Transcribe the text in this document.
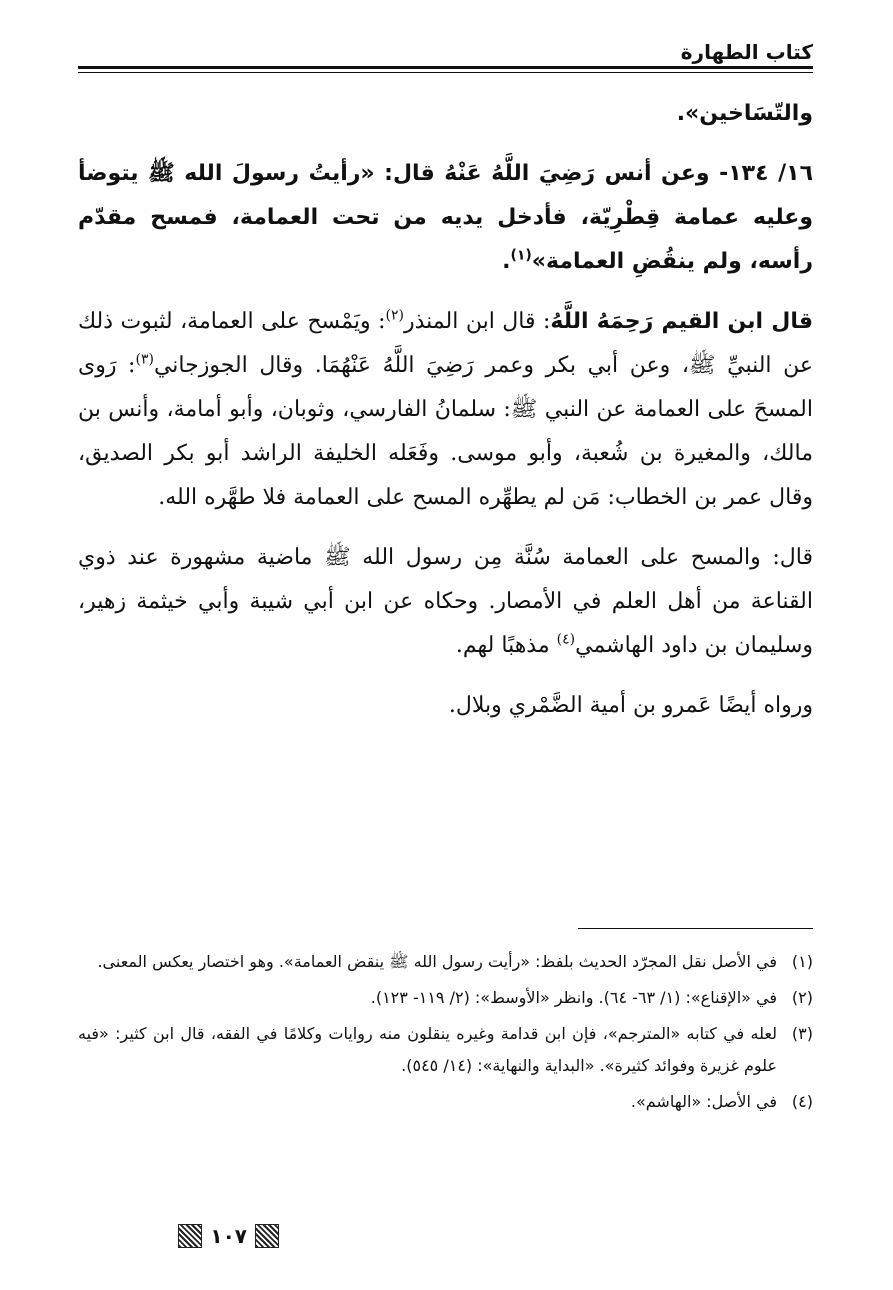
كتاب الطهارة

والتّسَاخين».

١٦/ ١٣٤- وعن أنس رَضِيَ اللَّهُ عَنْهُ قال: «رأيتُ رسولَ الله ﷺ يتوضأ وعليه عمامة قِطْرِيّة، فأدخل يديه من تحت العمامة، فمسح مقدّم رأسه، ولم ينقُضِ العمامة»$^{(١)}$.

قال ابن القيم رَحِمَهُ اللَّهُ: قال ابن المنذر$^{(٢)}$: ويَمْسح على العمامة، لثبوت ذلك عن النبيِّ ﷺ، وعن أبي بكر وعمر رَضِيَ اللَّهُ عَنْهُمَا. وقال الجوزجاني$^{(٣)}$: رَوى المسحَ على العمامة عن النبي ﷺ: سلمانُ الفارسي، وثوبان، وأبو أمامة، وأنس بن مالك، والمغيرة بن شُعبة، وأبو موسى. وفَعَله الخليفة الراشد أبو بكر الصديق، وقال عمر بن الخطاب: مَن لم يطهِّره المسح على العمامة فلا طهَّره الله.

قال: والمسح على العمامة سُنَّة مِن رسول الله ﷺ ماضية مشهورة عند ذوي القناعة من أهل العلم في الأمصار. وحكاه عن ابن أبي شيبة وأبي خيثمة زهير، وسليمان بن داود الهاشمي$^{(٤)}$ مذهبًا لهم.

ورواه أيضًا عَمرو بن أمية الضَّمْري وبلال.

(١)
في الأصل نقل المجرّد الحديث بلفظ: «رأيت رسول الله ﷺ ينقض العمامة». وهو اختصار يعكس المعنى.
(٢)
في «الإقناع»: (١/ ٦٣- ٦٤). وانظر «الأوسط»: (٢/ ١١٩- ١٢٣).
(٣)
لعله في كتابه «المترجم»، فإن ابن قدامة وغيره ينقلون منه روايات وكلامًا في الفقه، قال ابن كثير: «فيه علوم غزيرة وفوائد كثيرة». «البداية والنهاية»: (١٤/ ٥٤٥).
(٤)
في الأصل: «الهاشم».
١٠٧
